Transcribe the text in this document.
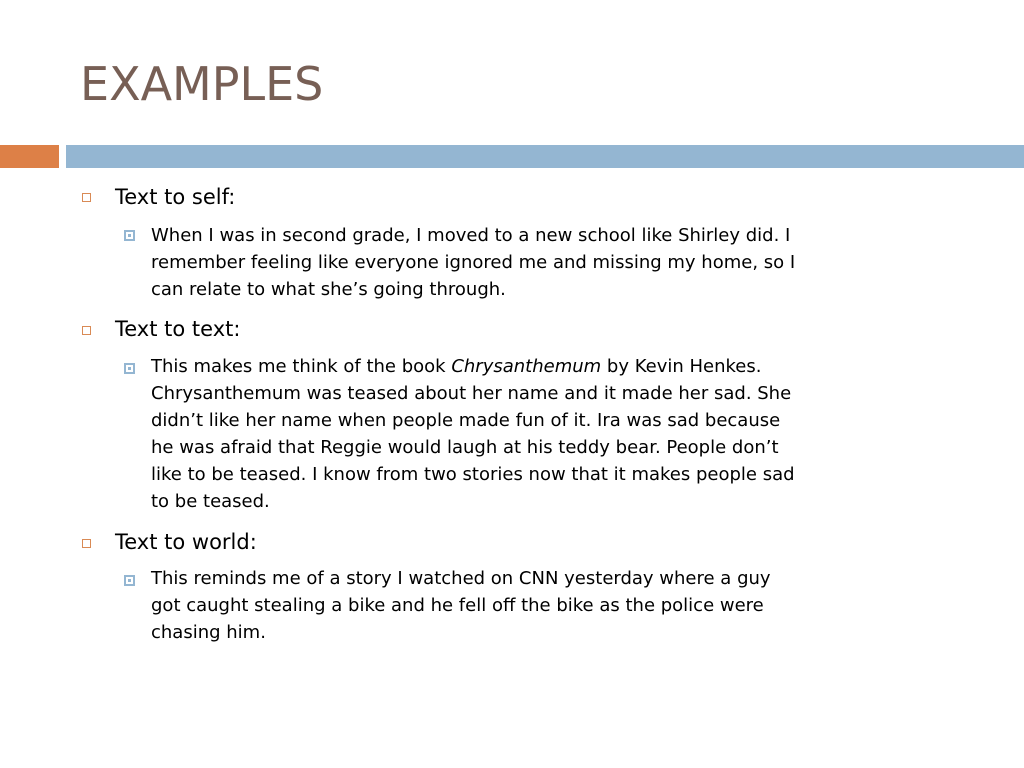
EXAMPLES
Text to self:
When I was in second grade, I moved to a new school like Shirley did. I
remember feeling like everyone ignored me and missing my home, so I
can relate to what she’s going through.
Text to text:
This makes me think of the book Chrysanthemum by Kevin Henkes.
Chrysanthemum was teased about her name and it made her sad. She
didn’t like her name when people made fun of it. Ira was sad because
he was afraid that Reggie would laugh at his teddy bear. People don’t
like to be teased. I know from two stories now that it makes people sad
to be teased.
Text to world:
This reminds me of a story I watched on CNN yesterday where a guy
got caught stealing a bike and he fell off the bike as the police were
chasing him.
